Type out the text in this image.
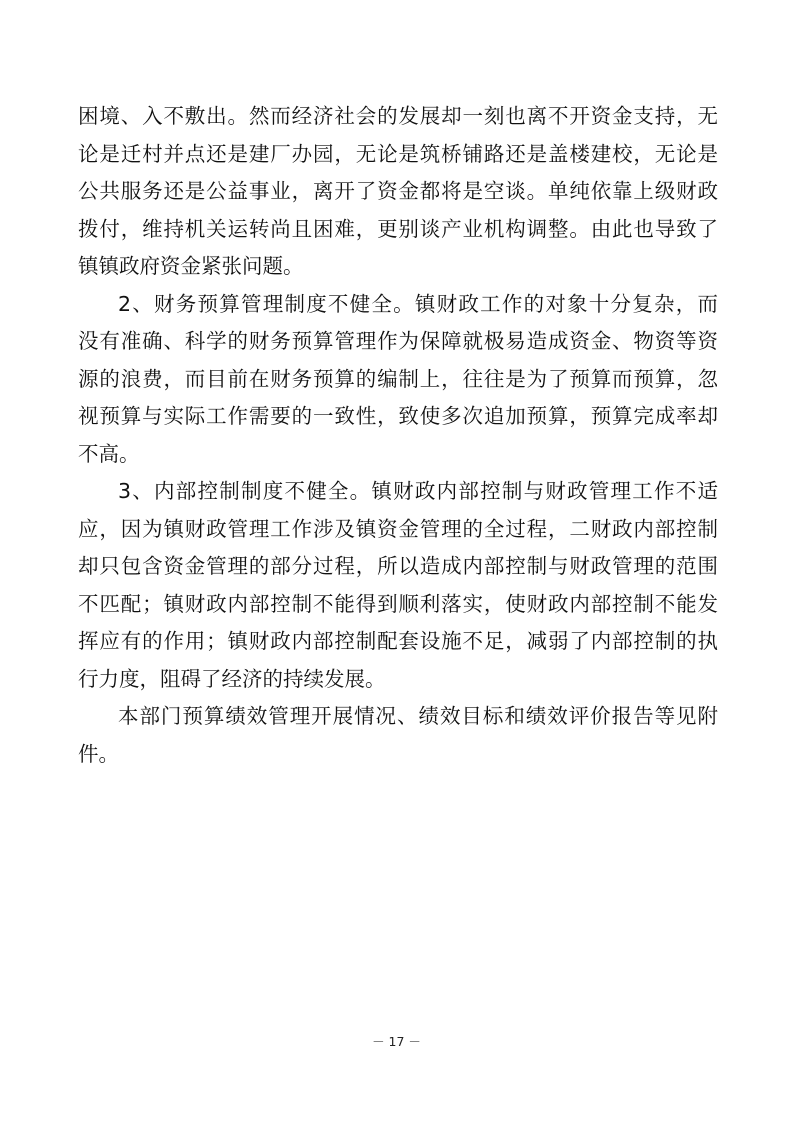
困境、入不敷出。然而经济社会的发展却一刻也离不开资金支持，无
论是迁村并点还是建厂办园，无论是筑桥铺路还是盖楼建校，无论是
公共服务还是公益事业，离开了资金都将是空谈。单纯依靠上级财政
拨付，维持机关运转尚且困难，更别谈产业机构调整。由此也导致了
镇镇政府资金紧张问题。
2、财务预算管理制度不健全。镇财政工作的对象十分复杂，而
没有准确、科学的财务预算管理作为保障就极易造成资金、物资等资
源的浪费，而目前在财务预算的编制上，往往是为了预算而预算，忽
视预算与实际工作需要的一致性，致使多次追加预算，预算完成率却
不高。
3、内部控制制度不健全。镇财政内部控制与财政管理工作不适
应，因为镇财政管理工作涉及镇资金管理的全过程，二财政内部控制
却只包含资金管理的部分过程，所以造成内部控制与财政管理的范围
不匹配；镇财政内部控制不能得到顺利落实，使财政内部控制不能发
挥应有的作用；镇财政内部控制配套设施不足，减弱了内部控制的执
行力度，阻碍了经济的持续发展。
本部门预算绩效管理开展情况、绩效目标和绩效评价报告等见附
件。
－ 17 －
